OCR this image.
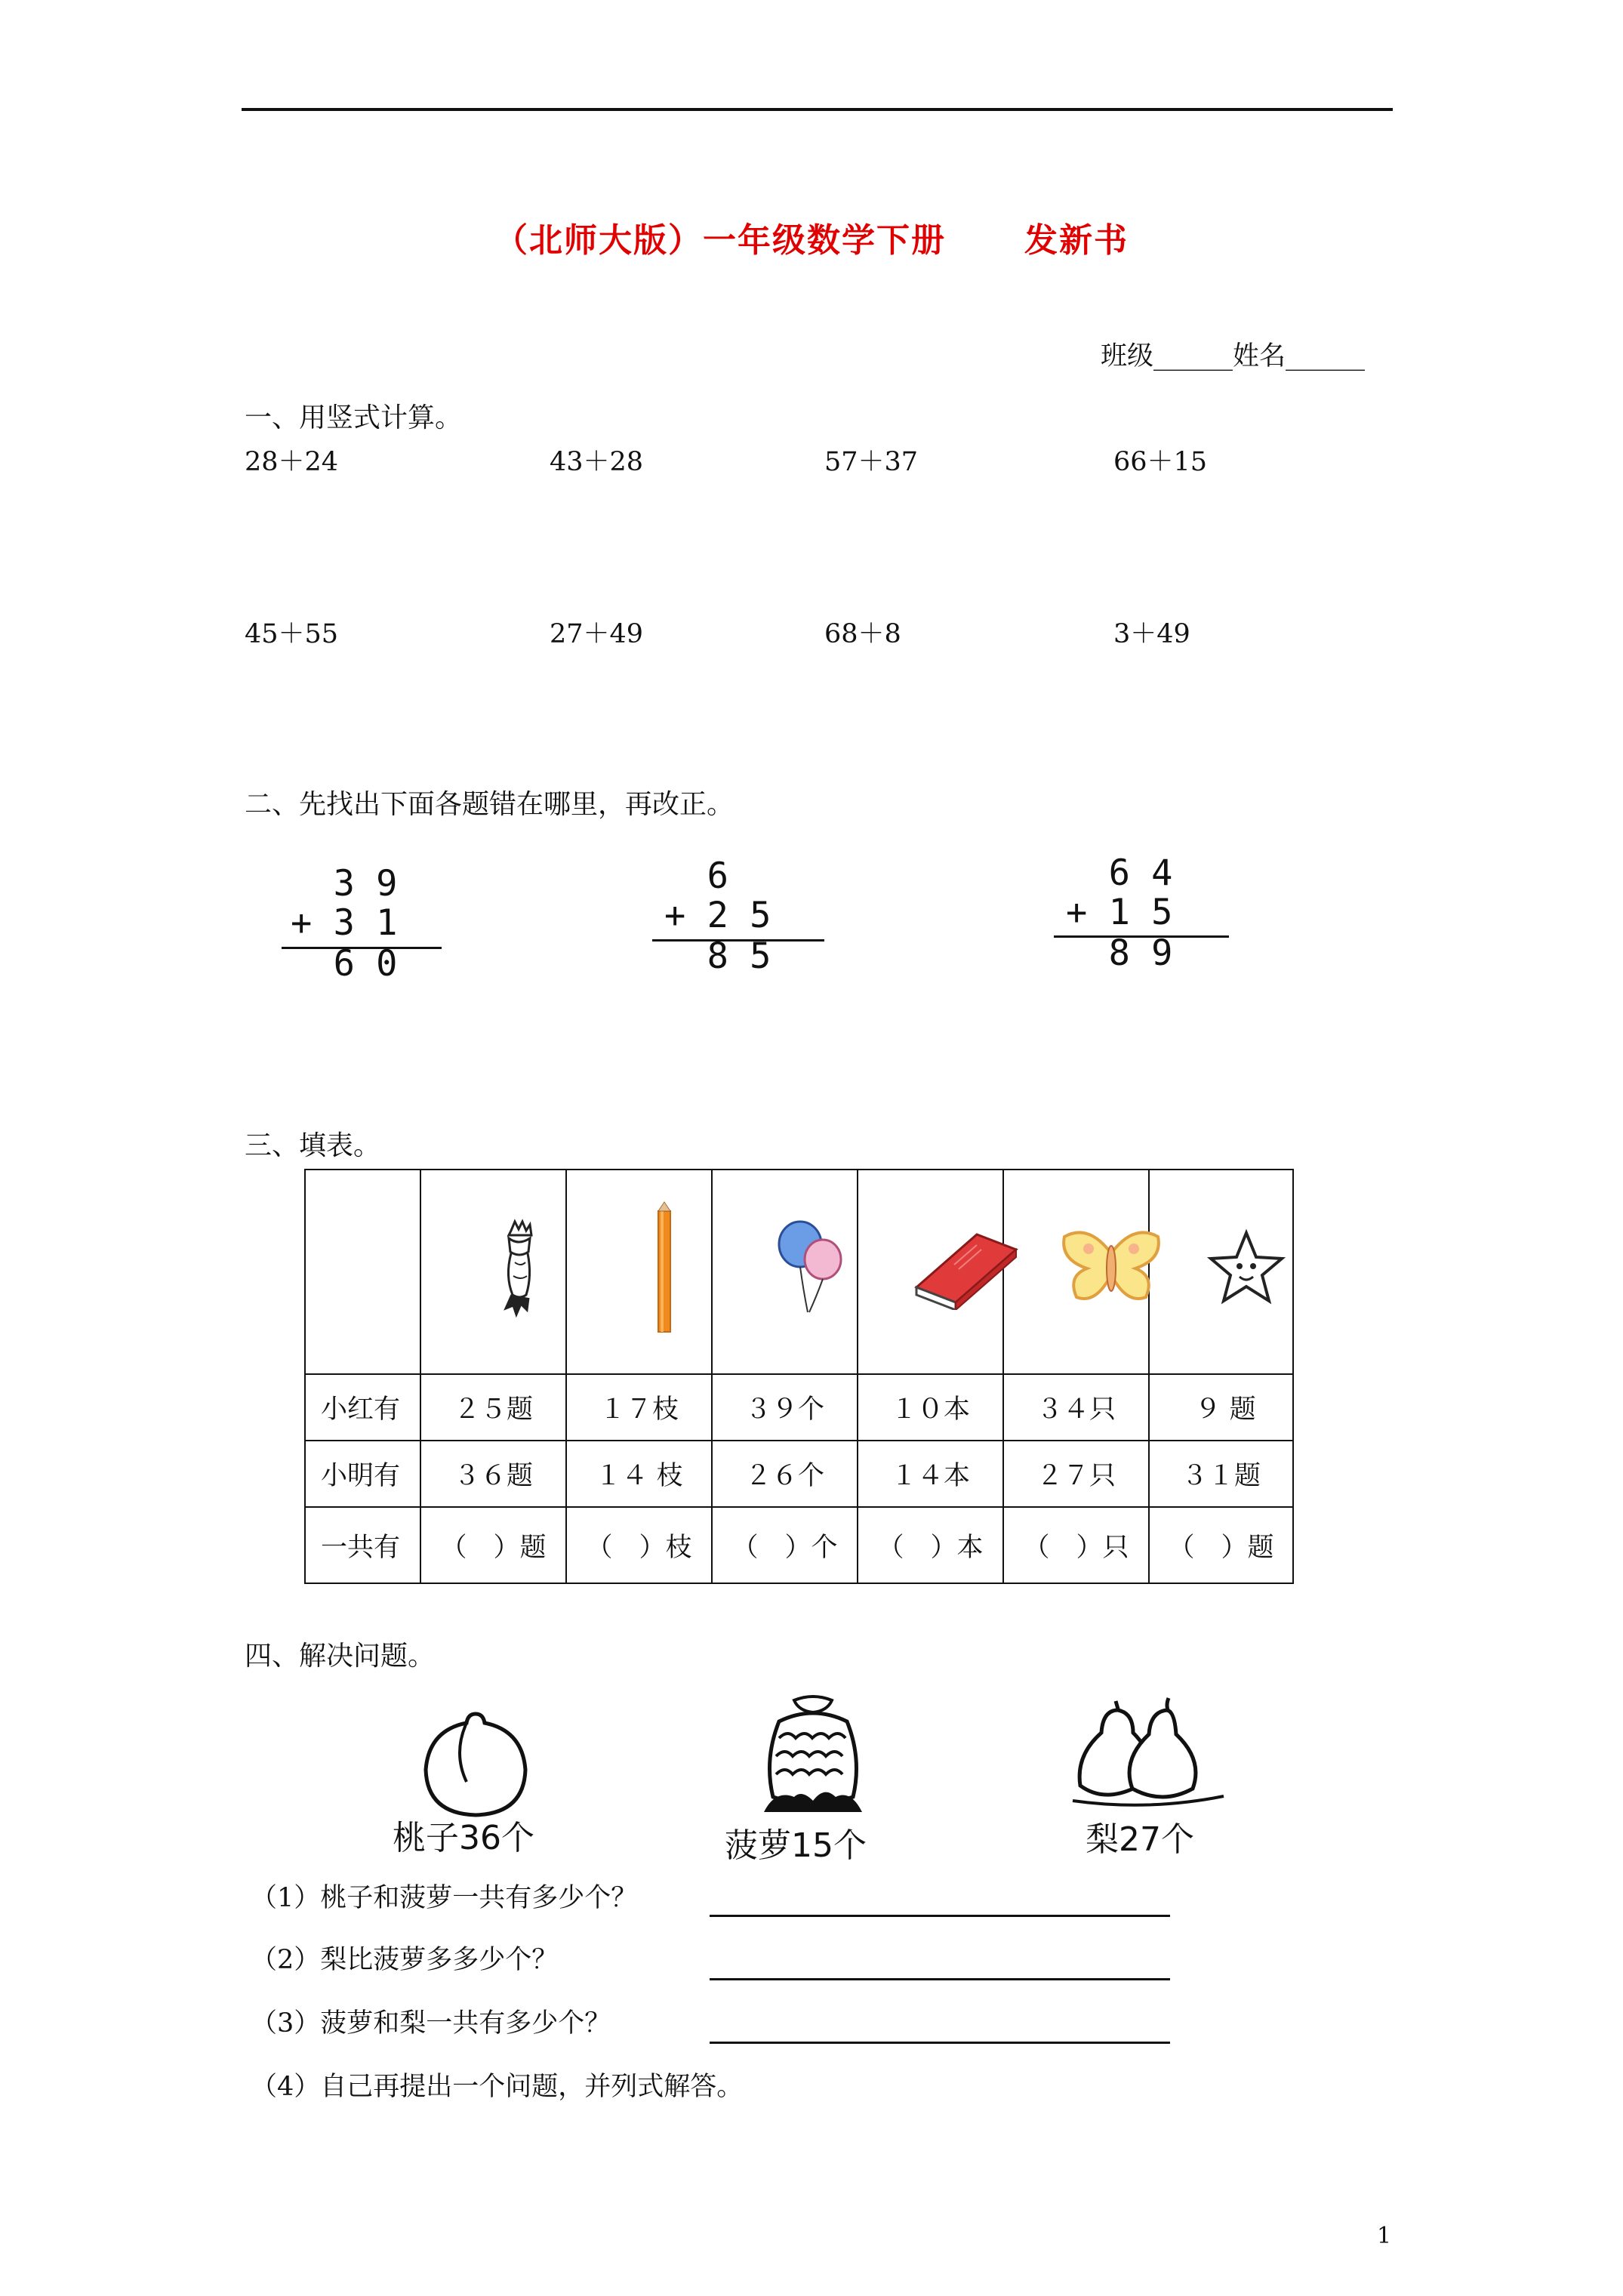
（北师大版）一年级数学下册      发新书
班级______姓名______
一、用竖式计算。
28＋24	43＋28	57＋37	66＋15
45＋55	27＋49	68＋8	3＋49
二、先找出下面各题错在哪里，再改正。
3 9
+ 3 1
6 0
6
+ 2 5
8 5
6 4
+ 1 5
8 9
三、填表。

小红有	２５题	１７枝	３９个	１０本	３４只	９ 题
小明有	３６题	１４ 枝	２６个	１４本	２７只	３１题
一共有	（　）题	（　）枝	（　）个	（　）本	（　）只	（　）题
四、解决问题。
桃子36个	菠萝15个	梨27个
（1）桃子和菠萝一共有多少个？
（2）梨比菠萝多多少个？
（3）菠萝和梨一共有多少个？
（4）自己再提出一个问题，并列式解答。
1
